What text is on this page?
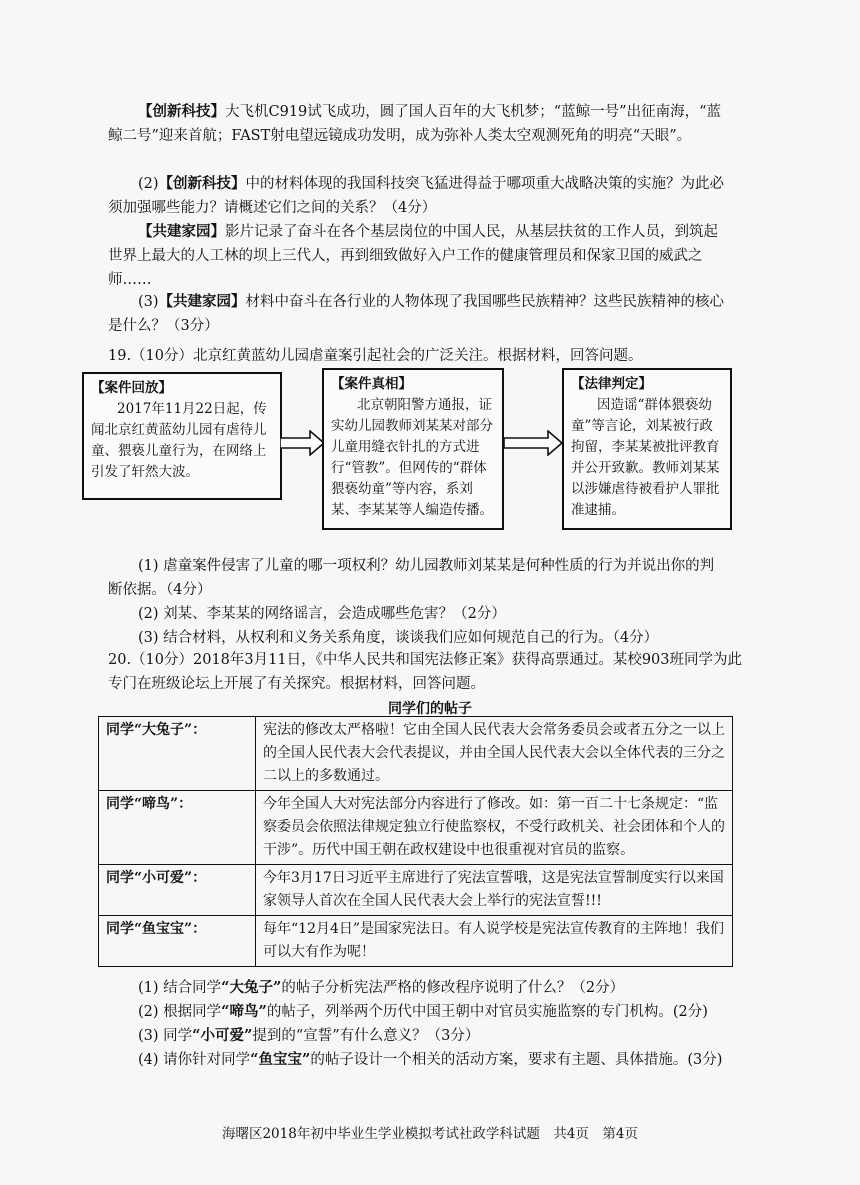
【创新科技】大飞机C919试飞成功，圆了国人百年的大飞机梦；“蓝鲸一号”出征南海，“蓝鲸二号”迎来首航；FAST射电望远镜成功发明，成为弥补人类太空观测死角的明亮“天眼”。

(2)【创新科技】中的材料体现的我国科技突飞猛进得益于哪项重大战略决策的实施？为此必须加强哪些能力？请概述它们之间的关系？（4分）

【共建家园】影片记录了奋斗在各个基层岗位的中国人民，从基层扶贫的工作人员，到筑起世界上最大的人工林的坝上三代人，再到细致做好入户工作的健康管理员和保家卫国的威武之师……

(3)【共建家园】材料中奋斗在各行业的人物体现了我国哪些民族精神？这些民族精神的核心是什么？（3分）

19.（10分）北京红黄蓝幼儿园虐童案引起社会的广泛关注。根据材料，回答问题。

【案件回放】
2017年11月22日起，传闻北京红黄蓝幼儿园有虐待儿童、猥亵儿童行为，在网络上引发了轩然大波。
【案件真相】
北京朝阳警方通报，证实幼儿园教师刘某某对部分儿童用缝衣针扎的方式进行“管教”。但网传的“群体猥亵幼童”等内容，系刘某、李某某等人编造传播。
【法律判定】
因造谣“群体猥亵幼童”等言论，刘某被行政拘留，李某某被批评教育并公开致歉。教师刘某某以涉嫌虐待被看护人罪批准逮捕。

(1) 虐童案件侵害了儿童的哪一项权利？幼儿园教师刘某某是何种性质的行为并说出你的判断依据。（4分）

(2) 刘某、李某某的网络谣言，会造成哪些危害？（2分）

(3) 结合材料，从权利和义务关系角度，谈谈我们应如何规范自己的行为。（4分）

20.（10分）2018年3月11日，《中华人民共和国宪法修正案》获得高票通过。某校903班同学为此专门在班级论坛上开展了有关探究。根据材料，回答问题。

同学们的帖子
同学“大兔子”：	宪法的修改太严格啦！它由全国人民代表大会常务委员会或者五分之一以上的全国人民代表大会代表提议，并由全国人民代表大会以全体代表的三分之二以上的多数通过。
同学“啼鸟”：	今年全国人大对宪法部分内容进行了修改。如：第一百二十七条规定：“监察委员会依照法律规定独立行使监察权，不受行政机关、社会团体和个人的干涉”。历代中国王朝在政权建设中也很重视对官员的监察。
同学“小可爱”：	今年3月17日习近平主席进行了宪法宣誓哦，这是宪法宣誓制度实行以来国家领导人首次在全国人民代表大会上举行的宪法宣誓!!!
同学“鱼宝宝”：	每年“12月4日”是国家宪法日。有人说学校是宪法宣传教育的主阵地！我们可以大有作为呢！

(1) 结合同学“大兔子”的帖子分析宪法严格的修改程序说明了什么？（2分）

(2) 根据同学“啼鸟”的帖子，列举两个历代中国王朝中对官员实施监察的专门机构。(2分)

(3) 同学“小可爱”提到的“宣誓”有什么意义？（3分）

(4) 请你针对同学“鱼宝宝”的帖子设计一个相关的活动方案，要求有主题、具体措施。(3分)

海曙区2018年初中毕业生学业模拟考试社政学科试题　共4页　第4页
